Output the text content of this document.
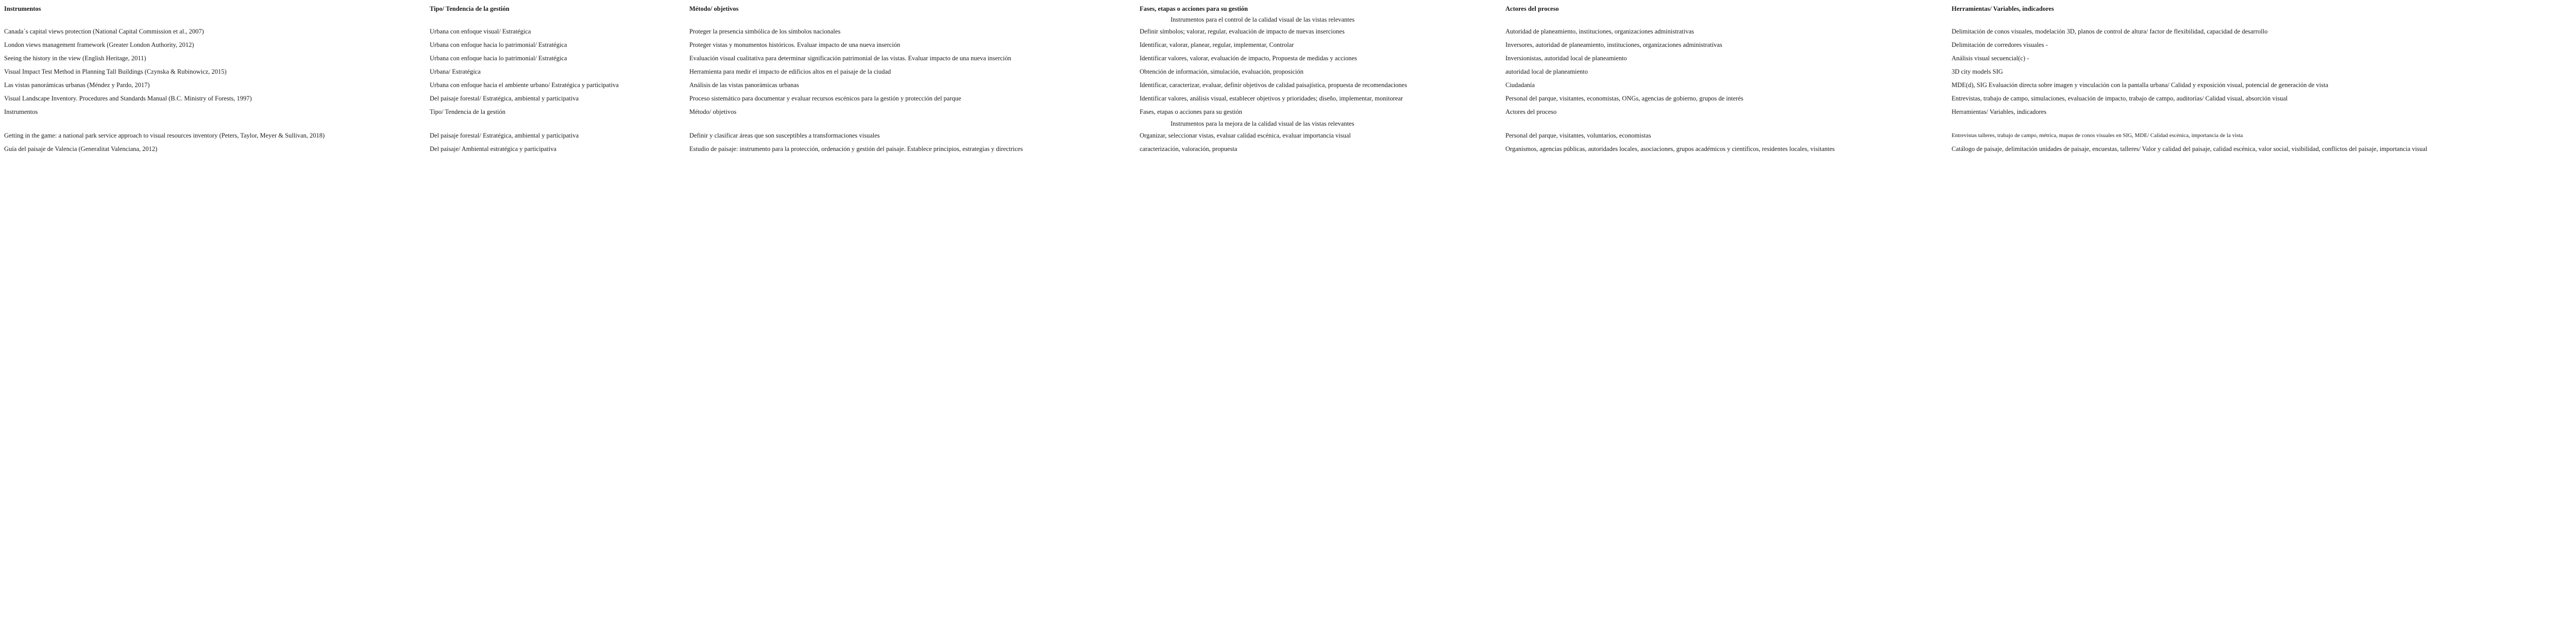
Instrumentos	Tipo/ Tendencia de la gestión	Método/ objetivos	Fases, etapas o acciones para su gestión	Actores del proceso	Herramientas/ Variables, indicadores
Instrumentos para el control de la calidad visual de las vistas relevantes
Canada´s capital views protection (National Capital Commission et al., 2007)	Urbana con enfoque visual/ Estratégica	Proteger la presencia simbólica de los símbolos nacionales	Definir símbolos; valorar, regular, evaluación de impacto de nuevas inserciones	Autoridad de planeamiento, instituciones, organizaciones administrativas	Delimitación de conos visuales, modelación 3D, planos de control de altura/ factor de flexibilidad, capacidad de desarrollo
London views management framework (Greater London Authority, 2012)	Urbana con enfoque hacia lo patrimonial/ Estratégica	Proteger vistas y monumentos históricos. Evaluar impacto de una nueva inserción	Identificar, valorar, planear, regular, implementar, Controlar	Inversores, autoridad de planeamiento, instituciones, organizaciones administrativas	Delimitación de corredores visuales -
Seeing the history in the view (English Heritage, 2011)	Urbana con enfoque hacia lo patrimonial/ Estratégica	Evaluación visual cualitativa para determinar significación patrimonial de las vistas. Evaluar impacto de una nueva inserción	Identificar valores, valorar, evaluación de impacto, Propuesta de medidas y acciones	Inversionistas, autoridad local de planeamiento	Análisis visual secuencial(c) -
Visual Impact Test Method in Planning Tall Buildings (Czynska & Rubinowicz, 2015)	Urbana/ Estratégica	Herramienta para medir el impacto de edificios altos en el paisaje de la ciudad	Obtención de información, simulación, evaluación, proposición	autoridad local de planeamiento	3D city models SIG
Las vistas panorámicas urbanas (Méndez y Pardo, 2017)	Urbana con enfoque hacia el ambiente urbano/ Estratégica y participativa	Análisis de las vistas panorámicas urbanas	Identificar, caracterizar, evaluar, definir objetivos de calidad paisajística, propuesta de recomendaciones	Ciudadanía	MDE(d), SIG Evaluación directa sobre imagen y vinculación con la pantalla urbana/ Calidad y exposición visual, potencial de generación de vista
Visual Landscape Inventory. Procedures and Standards Manual (B.C. Ministry of Forests, 1997)	Del paisaje forestal/ Estratégica, ambiental y participativa	Proceso sistemático para documentar y evaluar recursos escénicos para la gestión y protección del parque	Identificar valores, análisis visual, establecer objetivos y prioridades; diseño, implementar, monitorear	Personal del parque, visitantes, economistas, ONGs, agencias de gobierno, grupos de interés	Entrevistas, trabajo de campo, simulaciones, evaluación de impacto, trabajo de campo, auditorías/ Calidad visual, absorción visual
Instrumentos	Tipo/ Tendencia de la gestión	Método/ objetivos	Fases, etapas o acciones para su gestión	Actores del proceso	Herramientas/ Variables, indicadores
Instrumentos para la mejora de la calidad visual de las vistas relevantes
Getting in the game: a national park service approach to visual resources inventory (Peters, Taylor, Meyer & Sullivan, 2018)	Del paisaje forestal/ Estratégica, ambiental y participativa	Definir y clasificar áreas que son susceptibles a transformaciones visuales	Organizar, seleccionar vistas, evaluar calidad escénica, evaluar importancia visual	Personal del parque, visitantes, voluntarios, economistas	Entrevistas talleres, trabajo de campo, métrica, mapas de conos visuales en SIG, MDE/ Calidad escénica, importancia de la vista
Guía del paisaje de Valencia (Generalitat Valenciana, 2012)	Del paisaje/ Ambiental estratégica y participativa	Estudio de paisaje: instrumento para la protección, ordenación y gestión del paisaje. Establece principios, estrategias y directrices	caracterización, valoración, propuesta	Organismos, agencias públicas, autoridades locales, asociaciones, grupos académicos y científicos, residentes locales, visitantes	Catálogo de paisaje, delimitación unidades de paisaje, encuestas, talleres/ Valor y calidad del paisaje, calidad escénica, valor social, visibilidad, conflictos del paisaje, importancia visual
